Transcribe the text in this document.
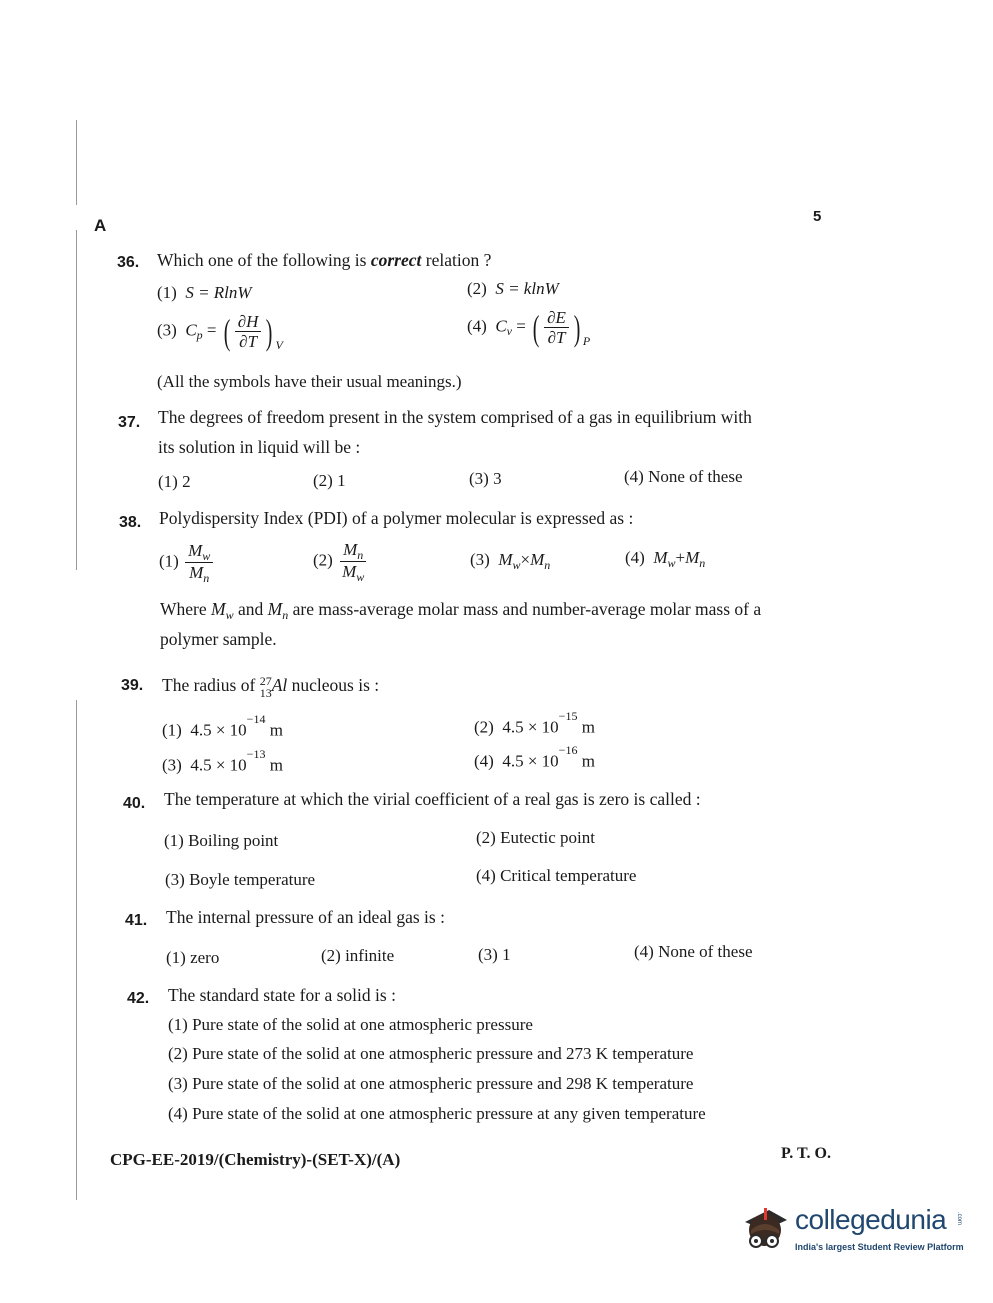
A	5
36. Which one of the following is correct relation ?
(1) S = RlnW	(2) S = klnW
(3) $C_p$ = ( $\frac{\partial H}{\partial T}$ ) $_V$
(4) $C_v$ = ( $\frac{\partial E}{\partial T}$ ) $_P$
(All the symbols have their usual meanings.)
37. The degrees of freedom present in the system comprised of a gas in equilibrium with
its solution in liquid will be :
(1) 2	(2) 1	(3) 3	(4) None of these
38. Polydispersity Index (PDI) of a polymer molecular is expressed as :
$(1) \frac{M_w}{M_n}$	$(2) \frac{M_n}{M_w}$	(3) $M_w\times M_n$	(4) $M_w+M_n$
Where $M_w$ and $M_n$ are mass-average molar mass and number-average molar mass of a
polymer sample.
39. The radius of 27
13 Al nucleous is :
(1) $4.5 \times 10^{-14}$ m	(2) $4.5 \times 10^{-15}$ m
(3) $4.5 \times 10^{-13}$ m	(4) $4.5 \times 10^{-16}$ m
40. The temperature at which the virial coefficient of a real gas is zero is called :
(1) Boiling point	(2) Eutectic point
(3) Boyle temperature	(4) Critical temperature
41. The internal pressure of an ideal gas is :
(1) zero	(2) infinite	(3) 1	(4) None of these
42. The standard state for a solid is :
(1) Pure state of the solid at one atmospheric pressure
(2) Pure state of the solid at one atmospheric pressure and 273 K temperature
(3) Pure state of the solid at one atmospheric pressure and 298 K temperature
(4) Pure state of the solid at one atmospheric pressure at any given temperature
CPG-EE-2019/(Chemistry)-(SET-X)/(A)	P. T. O.
collegedunia .com
India's largest Student Review Platform
